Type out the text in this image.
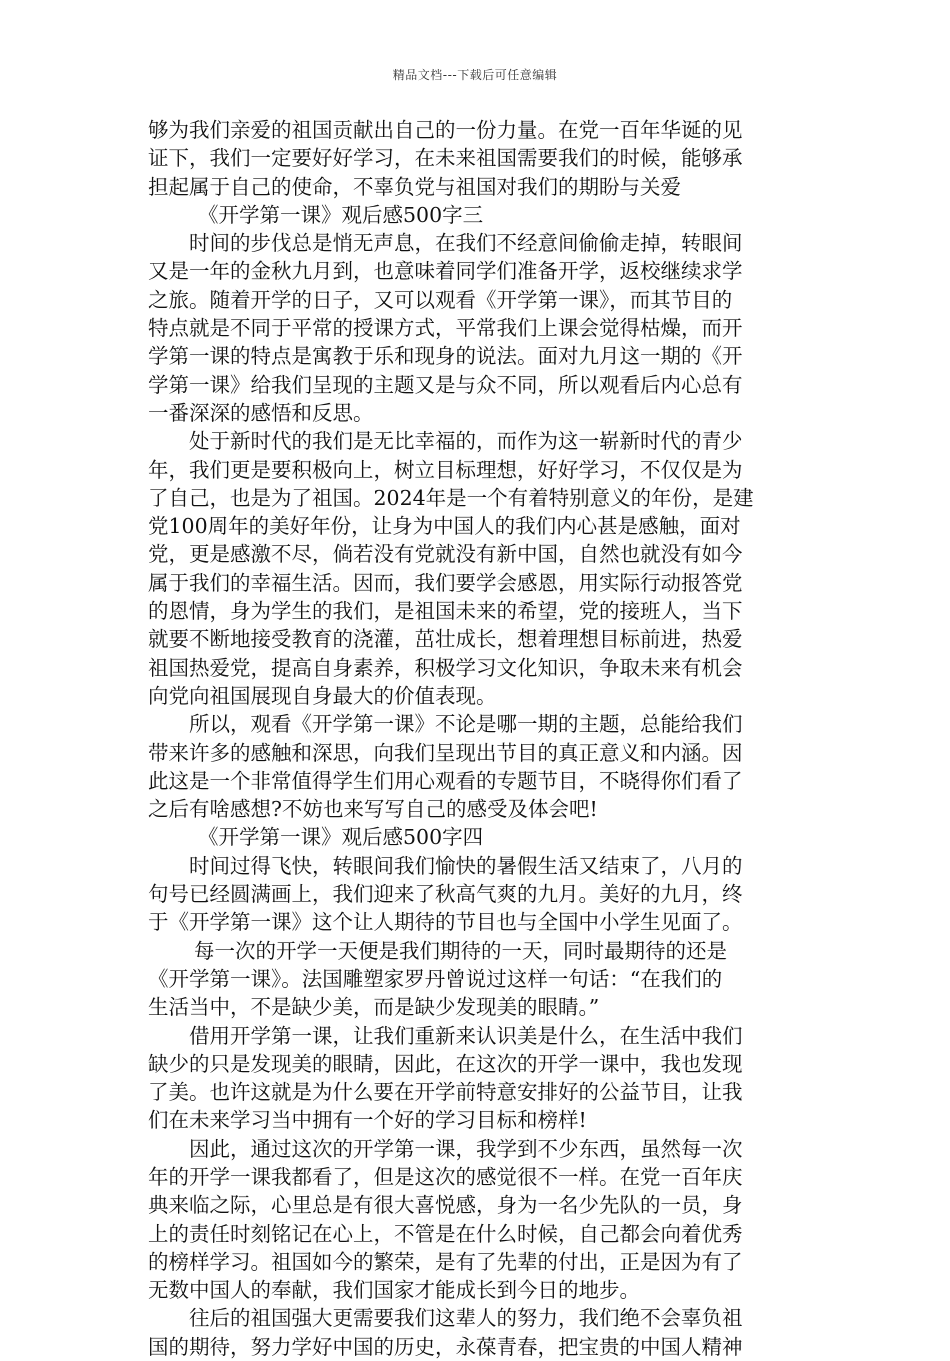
精品文档---下载后可任意编辑
够为我们亲爱的祖国贡献出自己的一份力量。在党一百年华诞的见
证下，我们一定要好好学习，在未来祖国需要我们的时候，能够承
担起属于自己的使命，不辜负党与祖国对我们的期盼与关爱
《开学第一课》观后感500字三
时间的步伐总是悄无声息，在我们不经意间偷偷走掉，转眼间
又是一年的金秋九月到，也意味着同学们准备开学，返校继续求学
之旅。随着开学的日子，又可以观看《开学第一课》，而其节目的
特点就是不同于平常的授课方式，平常我们上课会觉得枯燥，而开
学第一课的特点是寓教于乐和现身的说法。面对九月这一期的《开
学第一课》给我们呈现的主题又是与众不同，所以观看后内心总有
一番深深的感悟和反思。
处于新时代的我们是无比幸福的，而作为这一崭新时代的青少
年，我们更是要积极向上，树立目标理想，好好学习，不仅仅是为
了自己，也是为了祖国。2024年是一个有着特别意义的年份，是建
党100周年的美好年份，让身为中国人的我们内心甚是感触，面对
党，更是感激不尽，倘若没有党就没有新中国，自然也就没有如今
属于我们的幸福生活。因而，我们要学会感恩，用实际行动报答党
的恩情，身为学生的我们，是祖国未来的希望，党的接班人，当下
就要不断地接受教育的浇灌，茁壮成长，想着理想目标前进，热爱
祖国热爱党，提高自身素养，积极学习文化知识，争取未来有机会
向党向祖国展现自身最大的价值表现。
所以，观看《开学第一课》不论是哪一期的主题，总能给我们
带来许多的感触和深思，向我们呈现出节目的真正意义和内涵。因
此这是一个非常值得学生们用心观看的专题节目，不晓得你们看了
之后有啥感想?不妨也来写写自己的感受及体会吧!
《开学第一课》观后感500字四
时间过得飞快，转眼间我们愉快的暑假生活又结束了，八月的
句号已经圆满画上，我们迎来了秋高气爽的九月。美好的九月，终
于《开学第一课》这个让人期待的节目也与全国中小学生见面了。
每一次的开学一天便是我们期待的一天，同时最期待的还是
《开学第一课》。法国雕塑家罗丹曾说过这样一句话：“在我们的
生活当中，不是缺少美，而是缺少发现美的眼睛。”
借用开学第一课，让我们重新来认识美是什么，在生活中我们
缺少的只是发现美的眼睛，因此，在这次的开学一课中，我也发现
了美。也许这就是为什么要在开学前特意安排好的公益节目，让我
们在未来学习当中拥有一个好的学习目标和榜样!
因此，通过这次的开学第一课，我学到不少东西，虽然每一次
年的开学一课我都看了，但是这次的感觉很不一样。在党一百年庆
典来临之际，心里总是有很大喜悦感，身为一名少先队的一员，身
上的责任时刻铭记在心上，不管是在什么时候，自己都会向着优秀
的榜样学习。祖国如今的繁荣，是有了先辈的付出，正是因为有了
无数中国人的奉献，我们国家才能成长到今日的地步。
往后的祖国强大更需要我们这辈人的努力，我们绝不会辜负祖
国的期待，努力学好中国的历史，永葆青春，把宝贵的中国人精神
